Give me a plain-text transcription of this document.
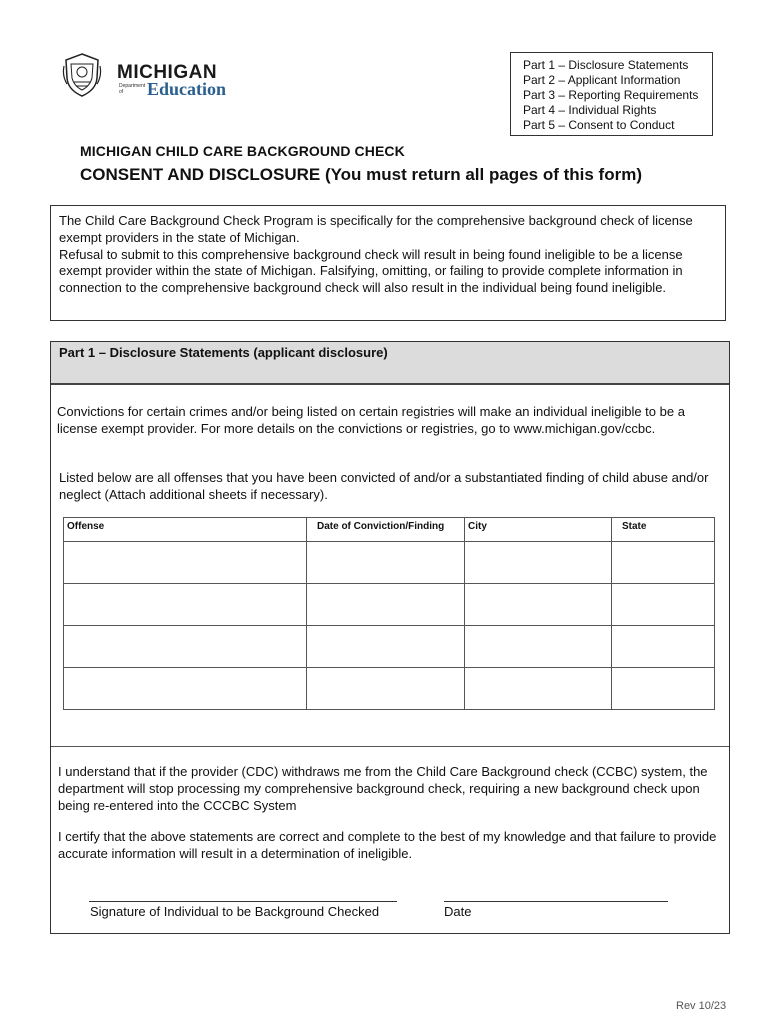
MICHIGAN
Department of	Education
Part 1 – Disclosure Statements
Part 2 – Applicant Information
Part 3 – Reporting Requirements
Part 4 – Individual Rights
Part 5 – Consent to Conduct
MICHIGAN CHILD CARE BACKGROUND CHECK
CONSENT AND DISCLOSURE (You must return all pages of this form)

The Child Care Background Check Program is specifically for the comprehensive background check of license exempt providers in the state of Michigan.

Refusal to submit to this comprehensive background check will result in being found ineligible to be a license exempt provider within the state of Michigan. Falsifying, omitting, or failing to provide complete information in connection to the comprehensive background check will also result in the individual being found ineligible.

Part 1 – Disclosure Statements (applicant disclosure)

Convictions for certain crimes and/or being listed on certain registries will make an individual ineligible to be a license exempt provider. For more details on the convictions or registries, go to www.michigan.gov/ccbc.

Listed below are all offenses that you have been convicted of and/or a substantiated finding of child abuse and/or neglect (Attach additional sheets if necessary).

Offense	Date of Conviction/Finding	City	State

I understand that if the provider (CDC) withdraws me from the Child Care Background check (CCBC) system, the department will stop processing my comprehensive background check, requiring a new background check upon being re-entered into the CCCBC System

I certify that the above statements are correct and complete to the best of my knowledge and that failure to provide accurate information will result in a determination of ineligible.

Signature of Individual to be Background Checked	Date
Rev 10/23
